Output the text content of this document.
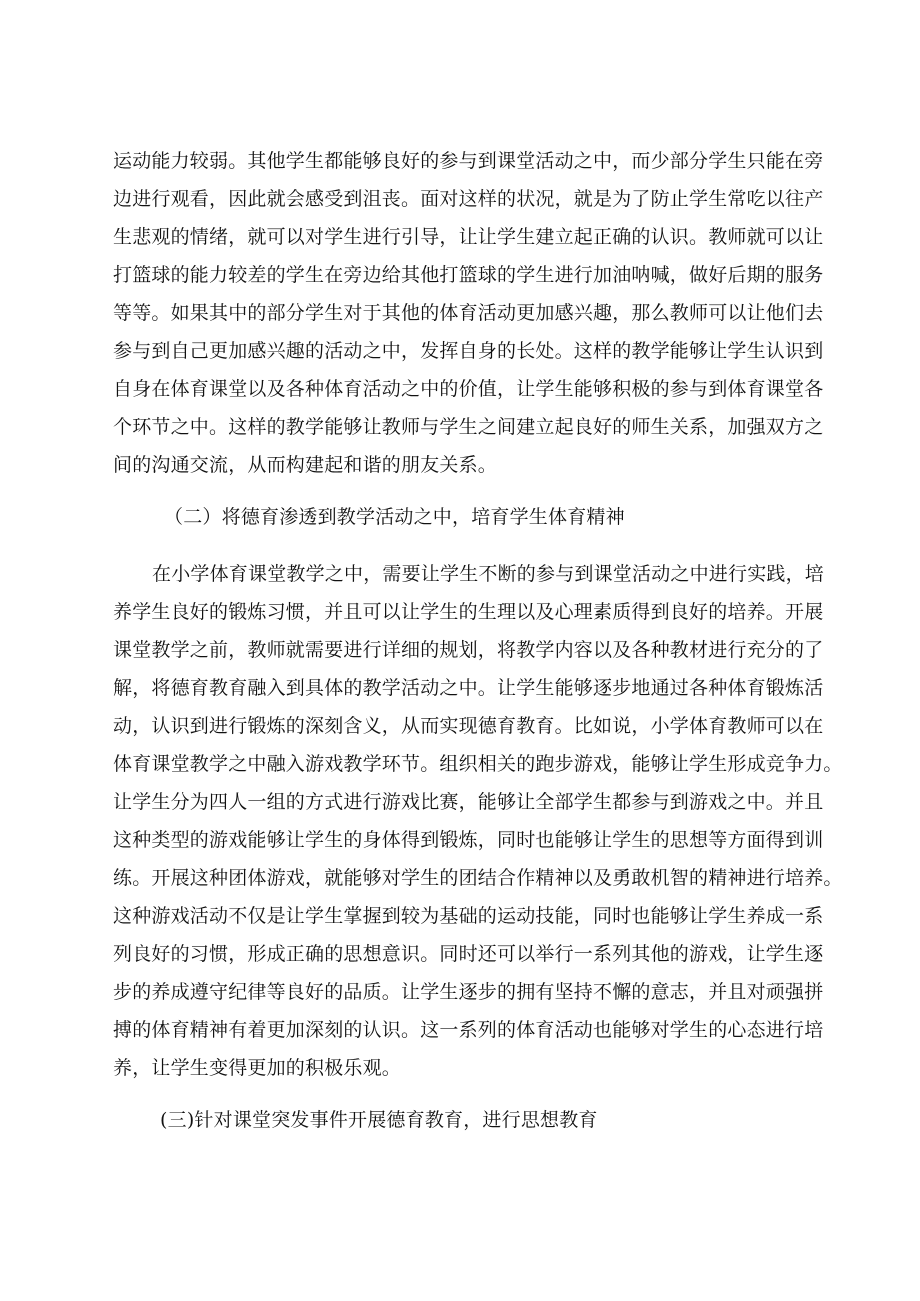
运动能力较弱。其他学生都能够良好的参与到课堂活动之中，而少部分学生只能在旁
边进行观看，因此就会感受到沮丧。面对这样的状况，就是为了防止学生常吃以往产
生悲观的情绪，就可以对学生进行引导，让让学生建立起正确的认识。教师就可以让
打篮球的能力较差的学生在旁边给其他打篮球的学生进行加油呐喊，做好后期的服务
等等。如果其中的部分学生对于其他的体育活动更加感兴趣，那么教师可以让他们去
参与到自己更加感兴趣的活动之中，发挥自身的长处。这样的教学能够让学生认识到
自身在体育课堂以及各种体育活动之中的价值，让学生能够积极的参与到体育课堂各
个环节之中。这样的教学能够让教师与学生之间建立起良好的师生关系，加强双方之
间的沟通交流，从而构建起和谐的朋友关系。
（二）将德育渗透到教学活动之中，培育学生体育精神
在小学体育课堂教学之中，需要让学生不断的参与到课堂活动之中进行实践，培
养学生良好的锻炼习惯，并且可以让学生的生理以及心理素质得到良好的培养。开展
课堂教学之前，教师就需要进行详细的规划，将教学内容以及各种教材进行充分的了
解，将德育教育融入到具体的教学活动之中。让学生能够逐步地通过各种体育锻炼活
动，认识到进行锻炼的深刻含义，从而实现德育教育。比如说，小学体育教师可以在
体育课堂教学之中融入游戏教学环节。组织相关的跑步游戏，能够让学生形成竞争力。
让学生分为四人一组的方式进行游戏比赛，能够让全部学生都参与到游戏之中。并且
这种类型的游戏能够让学生的身体得到锻炼，同时也能够让学生的思想等方面得到训
练。开展这种团体游戏，就能够对学生的团结合作精神以及勇敢机智的精神进行培养。
这种游戏活动不仅是让学生掌握到较为基础的运动技能，同时也能够让学生养成一系
列良好的习惯，形成正确的思想意识。同时还可以举行一系列其他的游戏，让学生逐
步的养成遵守纪律等良好的品质。让学生逐步的拥有坚持不懈的意志，并且对顽强拼
搏的体育精神有着更加深刻的认识。这一系列的体育活动也能够对学生的心态进行培
养，让学生变得更加的积极乐观。
(三)针对课堂突发事件开展德育教育，进行思想教育
